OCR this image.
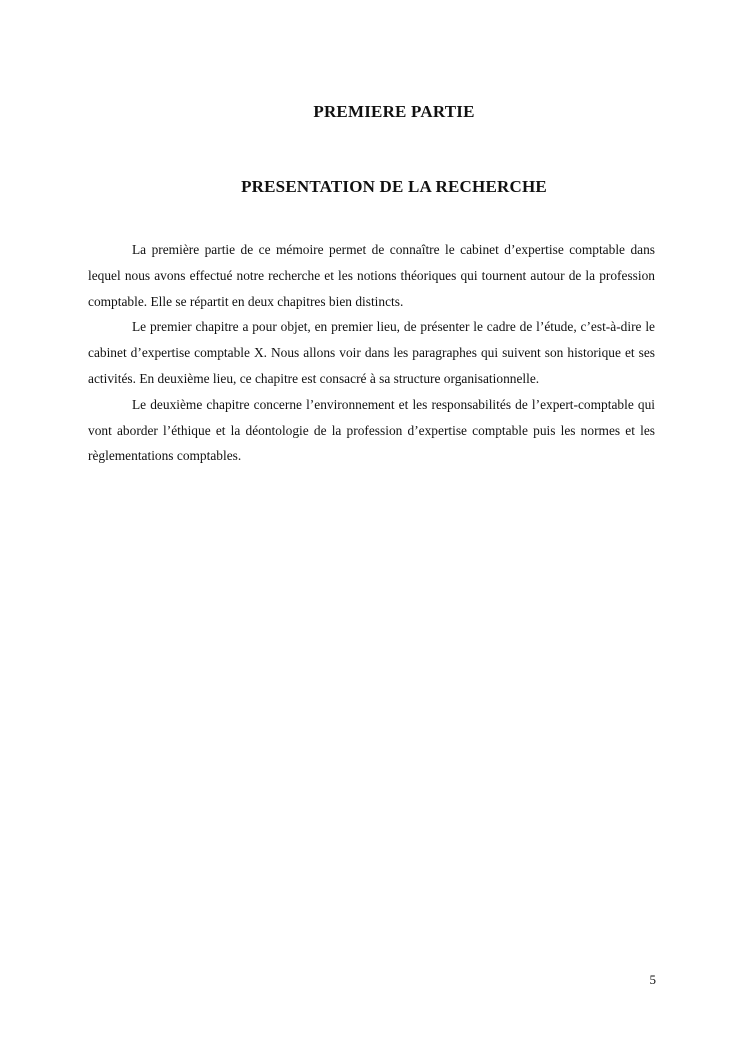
PREMIERE PARTIE
PRESENTATION DE LA RECHERCHE

La première partie de ce mémoire permet de connaître le cabinet d’expertise comptable dans lequel nous avons effectué notre recherche et les notions théoriques qui tournent autour de la profession comptable. Elle se répartit en deux chapitres bien distincts.

Le premier chapitre a pour objet, en premier lieu, de présenter le cadre de l’étude, c’est-à-dire le cabinet d’expertise comptable X. Nous allons voir dans les paragraphes qui suivent son historique et ses activités. En deuxième lieu, ce chapitre est consacré à sa structure organisationnelle.

Le deuxième chapitre concerne l’environnement et les responsabilités de l’expert-comptable qui vont aborder l’éthique et la déontologie de la profession d’expertise comptable puis les normes et les règlementations comptables.

5
